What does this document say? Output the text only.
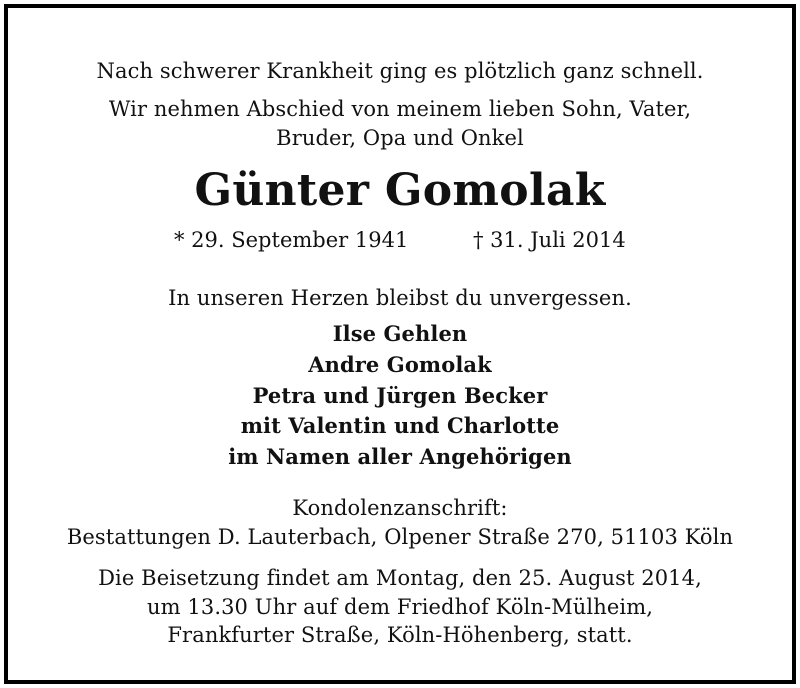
Nach schwerer Krankheit ging es plötzlich ganz schnell.
Wir nehmen Abschied von meinem lieben Sohn, Vater,
Bruder, Opa und Onkel
Günter Gomolak
* 29. September 1941	† 31. Juli 2014
In unseren Herzen bleibst du unvergessen.
Ilse Gehlen
Andre Gomolak
Petra und Jürgen Becker
mit Valentin und Charlotte
im Namen aller Angehörigen
Kondolenzanschrift:
Bestattungen D. Lauterbach, Olpener Straße 270, 51103 Köln
Die Beisetzung findet am Montag, den 25. August 2014,
um 13.30 Uhr auf dem Friedhof Köln-Mülheim,
Frankfurter Straße, Köln-Höhenberg, statt.
